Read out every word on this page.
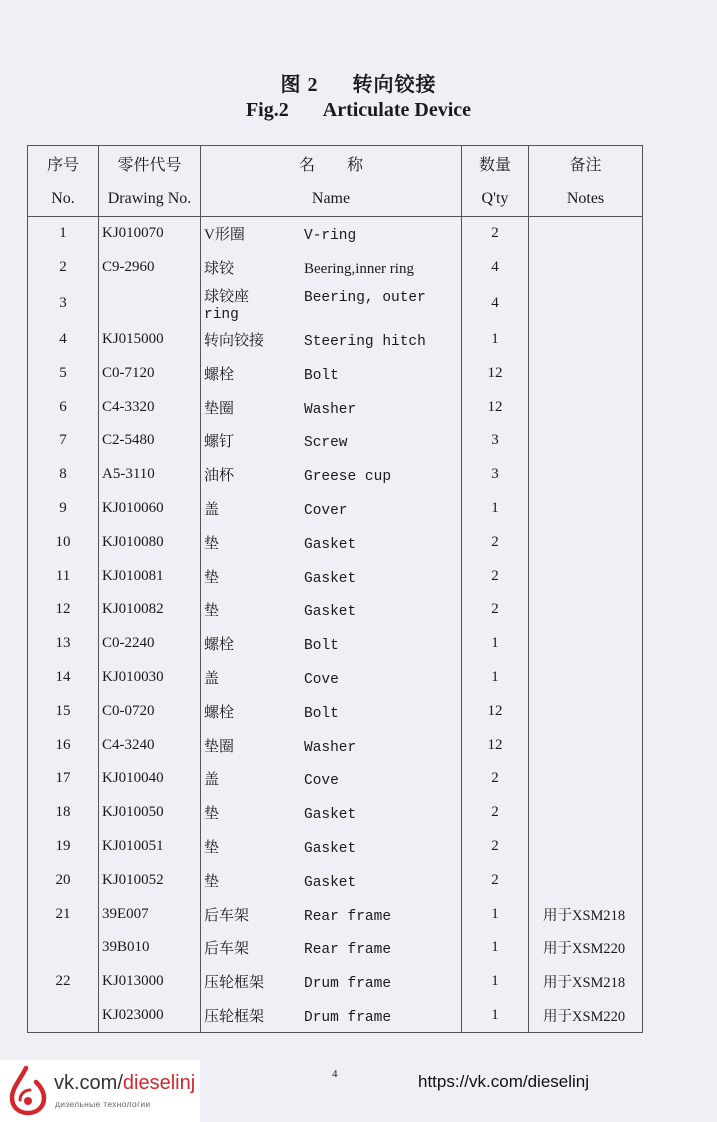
图 2 转向铰接
Fig.2 Articulate Device
序号	零件代号	名　　称	数量	备注
No.	Drawing No.	Name	Q'ty	Notes
1	KJ010070	V形圈 V-ring	2	
2	C9-2960	球铰 Beering,inner ring	4	
3		球铰座 Beering, outer ring	4	
4	KJ015000	转向铰接 Steering hitch	1	
5	C0-7120	螺栓 Bolt	12	
6	C4-3320	垫圈 Washer	12	
7	C2-5480	螺钉 Screw	3	
8	A5-3110	油杯 Greese cup	3	
9	KJ010060	盖 Cover	1	
10	KJ010080	垫 Gasket	2	
11	KJ010081	垫 Gasket	2	
12	KJ010082	垫 Gasket	2	
13	C0-2240	螺栓 Bolt	1	
14	KJ010030	盖 Cove	1	
15	C0-0720	螺栓 Bolt	12	
16	C4-3240	垫圈 Washer	12	
17	KJ010040	盖 Cove	2	
18	KJ010050	垫 Gasket	2	
19	KJ010051	垫 Gasket	2	
20	KJ010052	垫 Gasket	2	
21	39E007	后车架 Rear frame	1	用于XSM218
	39B010	后车架 Rear frame	1	用于XSM220
22	KJ013000	压轮框架 Drum frame	1	用于XSM218
	KJ023000	压轮框架 Drum frame	1	用于XSM220
4
vk.com/dieselinj
дизельные технологии
https://vk.com/dieselinj
